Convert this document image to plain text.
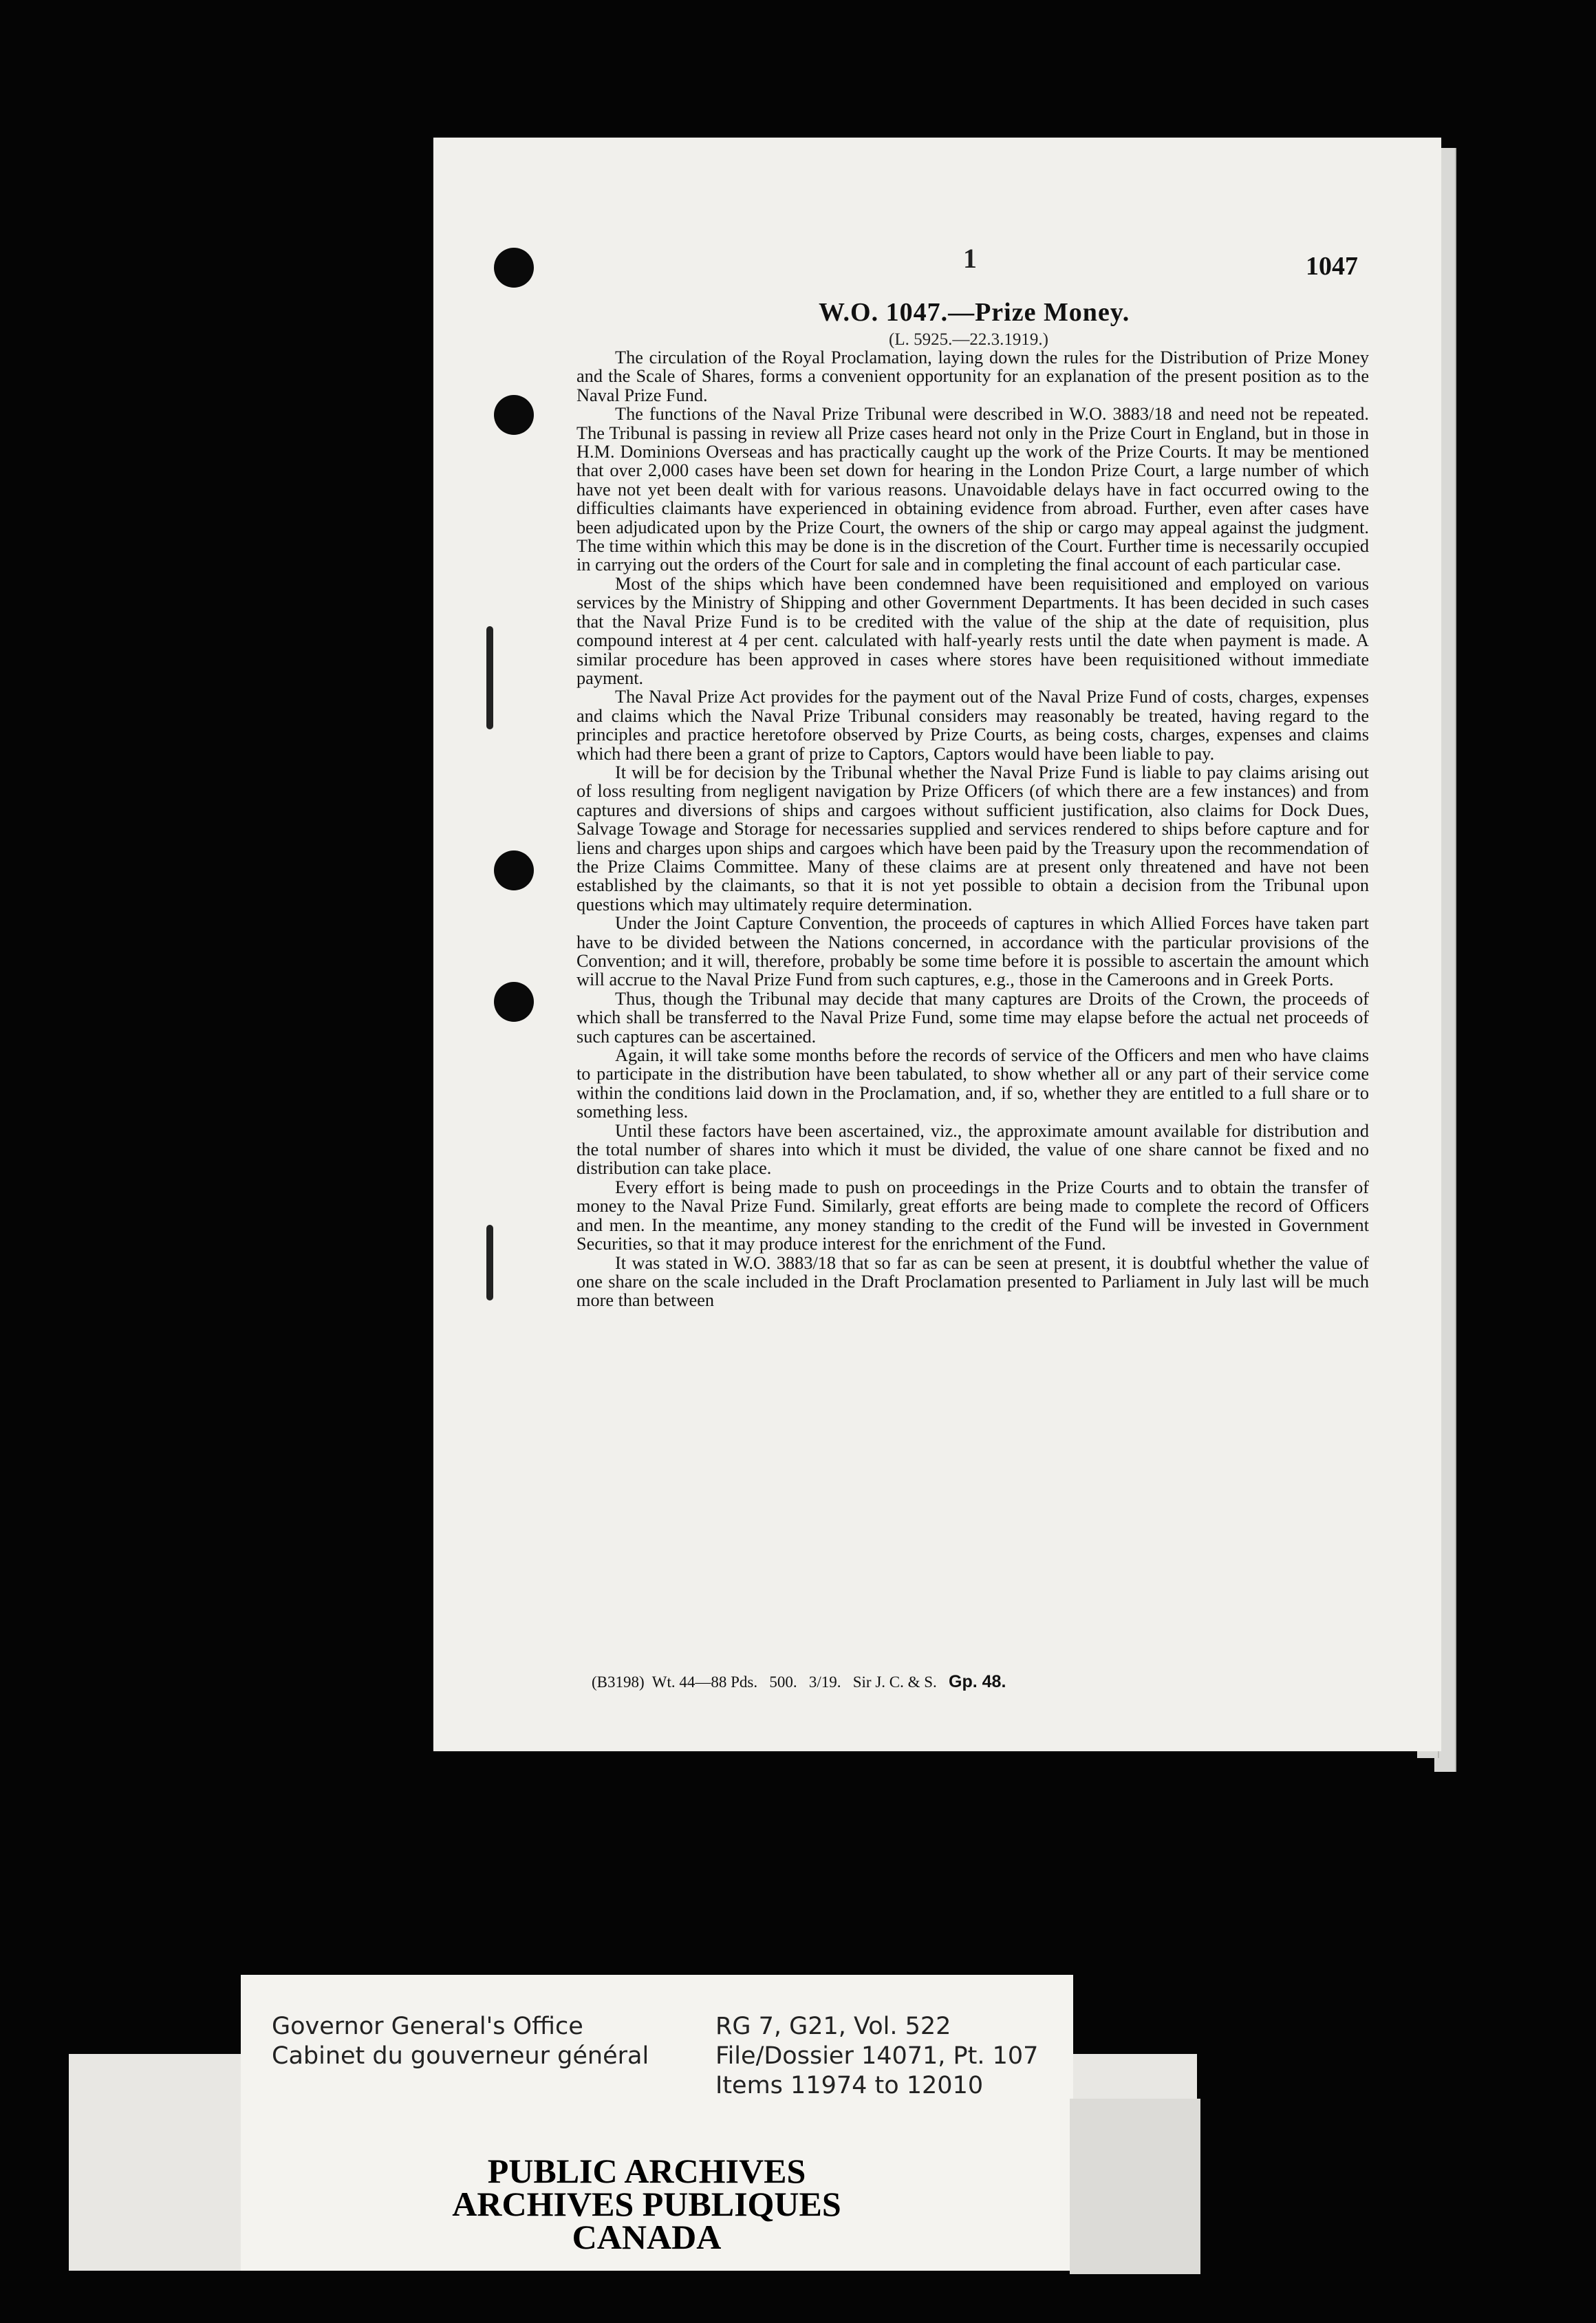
1	1047
W.O. 1047.—Prize Money.
(L. 5925.—22.3.1919.)

The circulation of the Royal Proclamation, laying down the rules for the Distribution of Prize Money and the Scale of Shares, forms a convenient opportunity for an explanation of the present position as to the Naval Prize Fund.

The functions of the Naval Prize Tribunal were described in W.O. 3883/18 and need not be repeated. The Tribunal is passing in review all Prize cases heard not only in the Prize Court in England, but in those in H.M. Dominions Overseas and has practically caught up the work of the Prize Courts. It may be mentioned that over 2,000 cases have been set down for hearing in the London Prize Court, a large number of which have not yet been dealt with for various reasons. Unavoidable delays have in fact occurred owing to the difficulties claimants have experienced in obtaining evidence from abroad. Further, even after cases have been adjudicated upon by the Prize Court, the owners of the ship or cargo may appeal against the judgment. The time within which this may be done is in the discretion of the Court. Further time is necessarily occupied in carrying out the orders of the Court for sale and in completing the final account of each particular case.

Most of the ships which have been condemned have been requisitioned and employed on various services by the Ministry of Shipping and other Government Departments. It has been decided in such cases that the Naval Prize Fund is to be credited with the value of the ship at the date of requisition, plus compound interest at 4 per cent. calculated with half-yearly rests until the date when payment is made. A similar procedure has been approved in cases where stores have been requisitioned without immediate payment.

The Naval Prize Act provides for the payment out of the Naval Prize Fund of costs, charges, expenses and claims which the Naval Prize Tribunal considers may reasonably be treated, having regard to the principles and practice heretofore observed by Prize Courts, as being costs, charges, expenses and claims which had there been a grant of prize to Captors, Captors would have been liable to pay.

It will be for decision by the Tribunal whether the Naval Prize Fund is liable to pay claims arising out of loss resulting from negligent navigation by Prize Officers (of which there are a few instances) and from captures and diversions of ships and cargoes without sufficient justification, also claims for Dock Dues, Salvage Towage and Storage for necessaries supplied and services rendered to ships before capture and for liens and charges upon ships and cargoes which have been paid by the Treasury upon the recommendation of the Prize Claims Committee. Many of these claims are at present only threatened and have not been established by the claimants, so that it is not yet possible to obtain a decision from the Tribunal upon questions which may ultimately require determination.

Under the Joint Capture Convention, the proceeds of captures in which Allied Forces have taken part have to be divided between the Nations concerned, in accordance with the particular provisions of the Convention; and it will, therefore, probably be some time before it is possible to ascertain the amount which will accrue to the Naval Prize Fund from such captures, e.g., those in the Cameroons and in Greek Ports.

Thus, though the Tribunal may decide that many captures are Droits of the Crown, the proceeds of which shall be transferred to the Naval Prize Fund, some time may elapse before the actual net proceeds of such captures can be ascertained.

Again, it will take some months before the records of service of the Officers and men who have claims to participate in the distribution have been tabulated, to show whether all or any part of their service come within the conditions laid down in the Proclamation, and, if so, whether they are entitled to a full share or to something less.

Until these factors have been ascertained, viz., the approximate amount available for distribution and the total number of shares into which it must be divided, the value of one share cannot be fixed and no distribution can take place.

Every effort is being made to push on proceedings in the Prize Courts and to obtain the transfer of money to the Naval Prize Fund. Similarly, great efforts are being made to complete the record of Officers and men. In the meantime, any money standing to the credit of the Fund will be invested in Government Securities, so that it may produce interest for the enrichment of the Fund.

It was stated in W.O. 3883/18 that so far as can be seen at present, it is doubtful whether the value of one share on the scale included in the Draft Proclamation presented to Parliament in July last will be much more than between

(B3198)  Wt. 44—88 Pds.   500.   3/19.   Sir J. C. & S. Gp. 48.
Governor General's Office
Cabinet du gouverneur général
RG 7, G21, Vol. 522
File/Dossier 14071, Pt. 107
Items 11974 to 12010
PUBLIC ARCHIVES
ARCHIVES PUBLIQUES
CANADA
